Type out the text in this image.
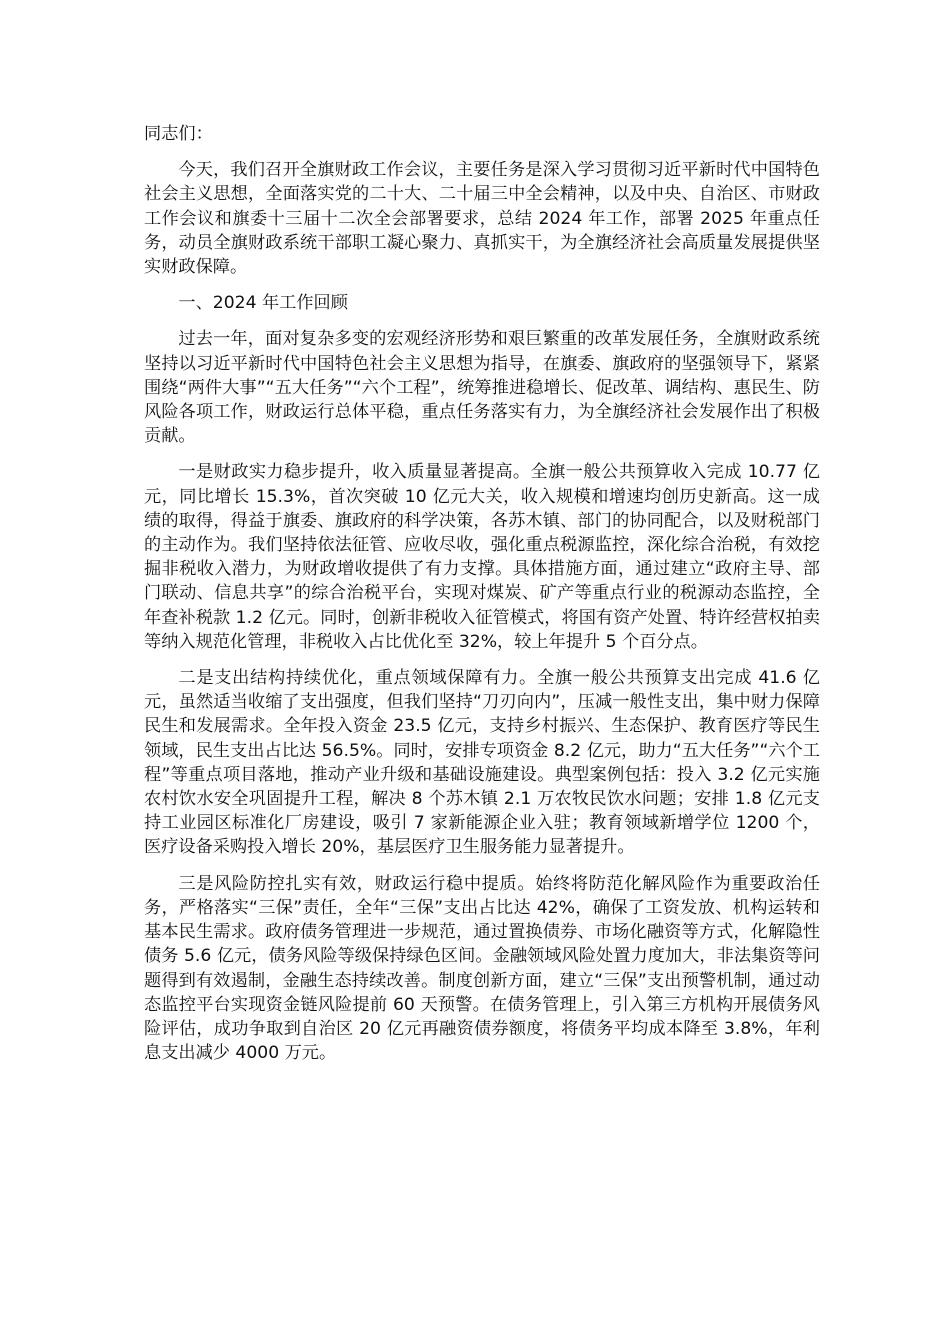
同志们：

今天，我们召开全旗财政工作会议，主要任务是深入学习贯彻习近平新时代中国特色社会主义思想，全面落实党的二十大、二十届三中全会精神，以及中央、自治区、市财政工作会议和旗委十三届十二次全会部署要求，总结 2024 年工作，部署 2025 年重点任务，动员全旗财政系统干部职工凝心聚力、真抓实干，为全旗经济社会高质量发展提供坚实财政保障。

一、2024 年工作回顾

过去一年，面对复杂多变的宏观经济形势和艰巨繁重的改革发展任务，全旗财政系统坚持以习近平新时代中国特色社会主义思想为指导，在旗委、旗政府的坚强领导下，紧紧围绕“两件大事”“五大任务”“六个工程”，统筹推进稳增长、促改革、调结构、惠民生、防风险各项工作，财政运行总体平稳，重点任务落实有力，为全旗经济社会发展作出了积极贡献。

一是财政实力稳步提升，收入质量显著提高。全旗一般公共预算收入完成 10.77 亿元，同比增长 15.3%，首次突破 10 亿元大关，收入规模和增速均创历史新高。这一成绩的取得，得益于旗委、旗政府的科学决策，各苏木镇、部门的协同配合，以及财税部门的主动作为。我们坚持依法征管、应收尽收，强化重点税源监控，深化综合治税，有效挖掘非税收入潜力，为财政增收提供了有力支撑。具体措施方面，通过建立“政府主导、部门联动、信息共享”的综合治税平台，实现对煤炭、矿产等重点行业的税源动态监控，全年查补税款 1.2 亿元。同时，创新非税收入征管模式，将国有资产处置、特许经营权拍卖等纳入规范化管理，非税收入占比优化至 32%，较上年提升 5 个百分点。

二是支出结构持续优化，重点领域保障有力。全旗一般公共预算支出完成 41.6 亿元，虽然适当收缩了支出强度，但我们坚持“刀刃向内”，压减一般性支出，集中财力保障民生和发展需求。全年投入资金 23.5 亿元，支持乡村振兴、生态保护、教育医疗等民生领域，民生支出占比达 56.5%。同时，安排专项资金 8.2 亿元，助力“五大任务”“六个工程”等重点项目落地，推动产业升级和基础设施建设。典型案例包括：投入 3.2 亿元实施农村饮水安全巩固提升工程，解决 8 个苏木镇 2.1 万农牧民饮水问题；安排 1.8 亿元支持工业园区标准化厂房建设，吸引 7 家新能源企业入驻；教育领域新增学位 1200 个，医疗设备采购投入增长 20%，基层医疗卫生服务能力显著提升。

三是风险防控扎实有效，财政运行稳中提质。始终将防范化解风险作为重要政治任务，严格落实“三保”责任，全年“三保”支出占比达 42%，确保了工资发放、机构运转和基本民生需求。政府债务管理进一步规范，通过置换债券、市场化融资等方式，化解隐性债务 5.6 亿元，债务风险等级保持绿色区间。金融领域风险处置力度加大，非法集资等问题得到有效遏制，金融生态持续改善。制度创新方面，建立“三保”支出预警机制，通过动态监控平台实现资金链风险提前 60 天预警。在债务管理上，引入第三方机构开展债务风险评估，成功争取到自治区 20 亿元再融资债券额度，将债务平均成本降至 3.8%，年利息支出减少 4000 万元。
